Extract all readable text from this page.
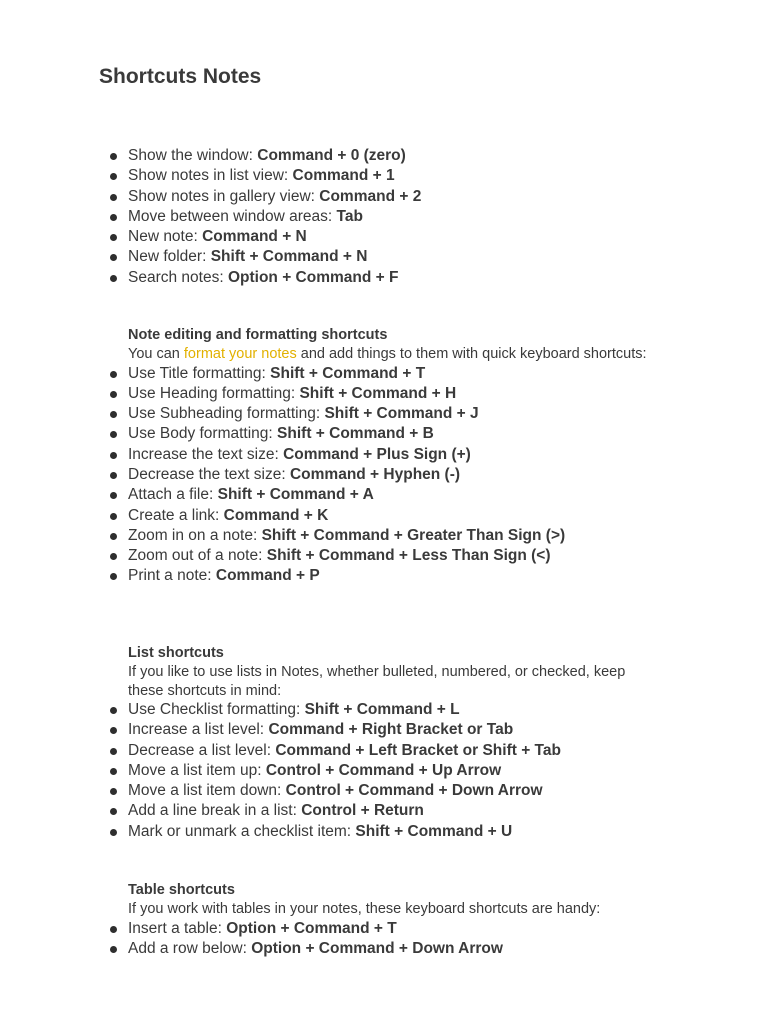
Shortcuts Notes
Show the window: Command + 0 (zero)
Show notes in list view: Command + 1
Show notes in gallery view: Command + 2
Move between window areas: Tab
New note: Command + N
New folder: Shift + Command + N
Search notes: Option + Command + F

Note editing and formatting shortcuts

You can format your notes and add things to them with quick keyboard shortcuts:

Use Title formatting: Shift + Command + T
Use Heading formatting: Shift + Command + H
Use Subheading formatting: Shift + Command + J
Use Body formatting: Shift + Command + B
Increase the text size: Command + Plus Sign (+)
Decrease the text size: Command + Hyphen (-)
Attach a file: Shift + Command + A
Create a link: Command + K
Zoom in on a note: Shift + Command + Greater Than Sign (>)
Zoom out of a note: Shift + Command + Less Than Sign (<)
Print a note: Command + P

List shortcuts

If you like to use lists in Notes, whether bulleted, numbered, or checked, keep these shortcuts in mind:

Use Checklist formatting: Shift + Command + L
Increase a list level: Command + Right Bracket or Tab
Decrease a list level: Command + Left Bracket or Shift + Tab
Move a list item up: Control + Command + Up Arrow
Move a list item down: Control + Command + Down Arrow
Add a line break in a list: Control + Return
Mark or unmark a checklist item: Shift + Command + U

Table shortcuts

If you work with tables in your notes, these keyboard shortcuts are handy:

Insert a table: Option + Command + T
Add a row below: Option + Command + Down Arrow
